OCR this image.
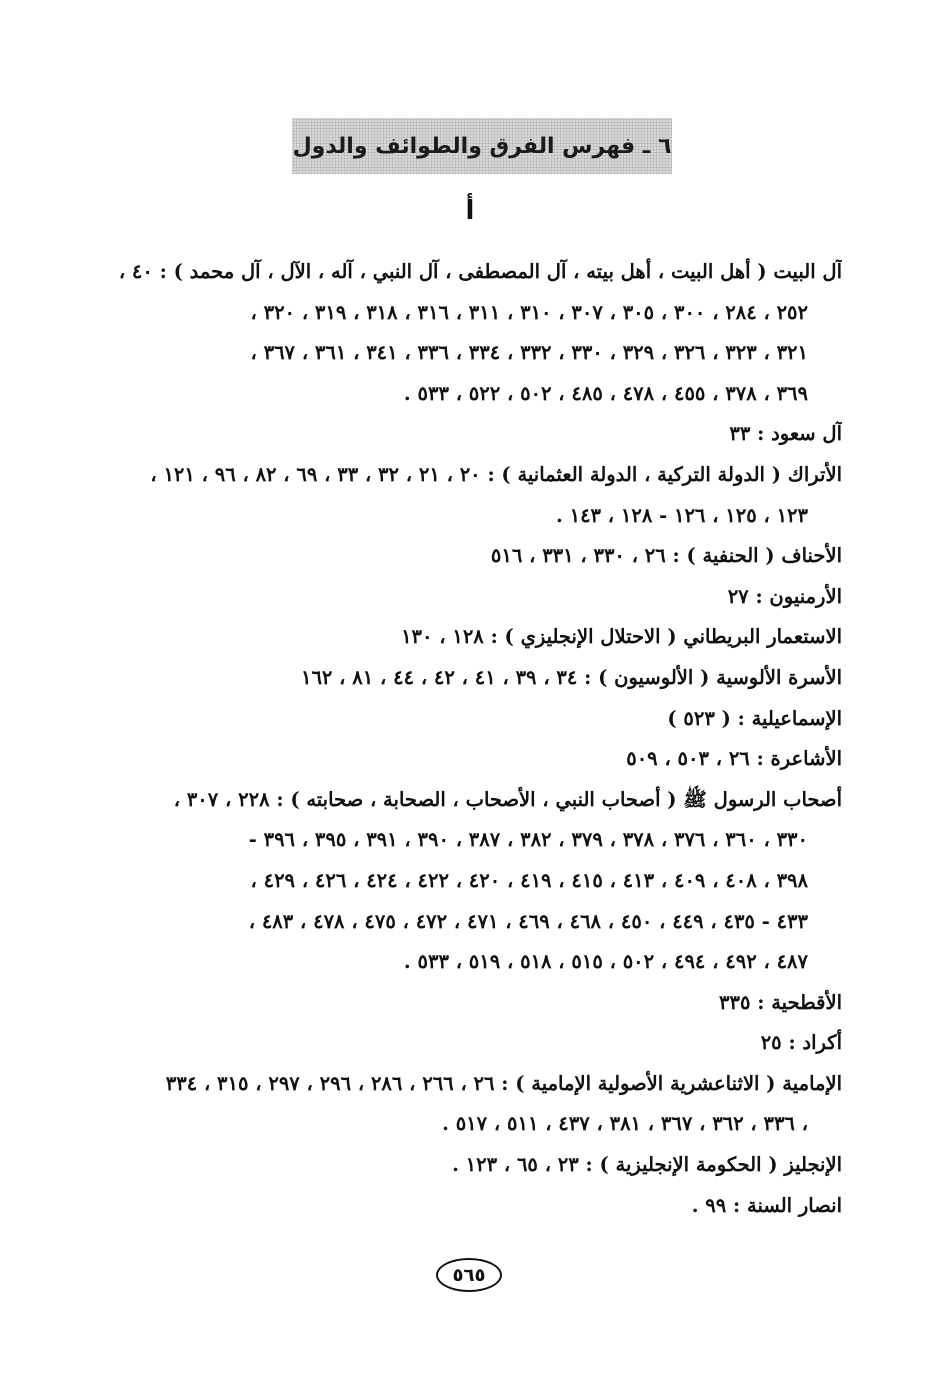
٦ ـ فهرس الفرق والطوائف والدول
أ
آل البيت ( أهل البيت ، أهل بيته ، آل المصطفى ، آل النبي ، آله ، الآل ، آل محمد ) : ٤٠ ،
٢٥٢ ، ٢٨٤ ، ٣٠٠ ، ٣٠٥ ، ٣٠٧ ، ٣١٠ ، ٣١١ ، ٣١٦ ، ٣١٨ ، ٣١٩ ، ٣٢٠ ،
٣٢١ ، ٣٢٣ ، ٣٢٦ ، ٣٢٩ ، ٣٣٠ ، ٣٣٢ ، ٣٣٤ ، ٣٣٦ ، ٣٤١ ، ٣٦١ ، ٣٦٧ ،
٣٦٩ ، ٣٧٨ ، ٤٥٥ ، ٤٧٨ ، ٤٨٥ ، ٥٠٢ ، ٥٢٢ ، ٥٣٣ .
آل سعود : ٣٣
الأتراك ( الدولة التركية ، الدولة العثمانية ) : ٢٠ ، ٢١ ، ٣٢ ، ٣٣ ، ٦٩ ، ٨٢ ، ٩٦ ، ١٢١ ،
١٢٣ ، ١٢٥ ، ١٢٦ - ١٢٨ ، ١٤٣ .
الأحناف ( الحنفية ) : ٢٦ ، ٣٣٠ ، ٣٣١ ، ٥١٦
الأرمنيون : ٢٧
الاستعمار البريطاني ( الاحتلال الإنجليزي ) : ١٢٨ ، ١٣٠
الأسرة الألوسية ( الألوسيون ) : ٣٤ ، ٣٩ ، ٤١ ، ٤٢ ، ٤٤ ، ٨١ ، ١٦٢
الإسماعيلية : ( ٥٢٣ )
الأشاعرة : ٢٦ ، ٥٠٣ ، ٥٠٩
أصحاب الرسول ﷺ ( أصحاب النبي ، الأصحاب ، الصحابة ، صحابته ) : ٢٢٨ ، ٣٠٧ ،
٣٣٠ ، ٣٦٠ ، ٣٧٦ ، ٣٧٨ ، ٣٧٩ ، ٣٨٢ ، ٣٨٧ ، ٣٩٠ ، ٣٩١ ، ٣٩٥ ، ٣٩٦ -
٣٩٨ ، ٤٠٨ ، ٤٠٩ ، ٤١٣ ، ٤١٥ ، ٤١٩ ، ٤٢٠ ، ٤٢٢ ، ٤٢٤ ، ٤٢٦ ، ٤٢٩ ،
٤٣٣ - ٤٣٥ ، ٤٤٩ ، ٤٥٠ ، ٤٦٨ ، ٤٦٩ ، ٤٧١ ، ٤٧٢ ، ٤٧٥ ، ٤٧٨ ، ٤٨٣ ،
٤٨٧ ، ٤٩٢ ، ٤٩٤ ، ٥٠٢ ، ٥١٥ ، ٥١٨ ، ٥١٩ ، ٥٣٣ .
الأقطحية : ٣٣٥
أكراد : ٢٥
الإمامية ( الاثناعشرية الأصولية الإمامية ) : ٢٦ ، ٢٦٦ ، ٢٨٦ ، ٢٩٦ ، ٢٩٧ ، ٣١٥ ، ٣٣٤
، ٣٣٦ ، ٣٦٢ ، ٣٦٧ ، ٣٨١ ، ٤٣٧ ، ٥١١ ، ٥١٧ .
الإنجليز ( الحكومة الإنجليزية ) : ٢٣ ، ٦٥ ، ١٢٣ .
انصار السنة : ٩٩ .
٥٦٥
